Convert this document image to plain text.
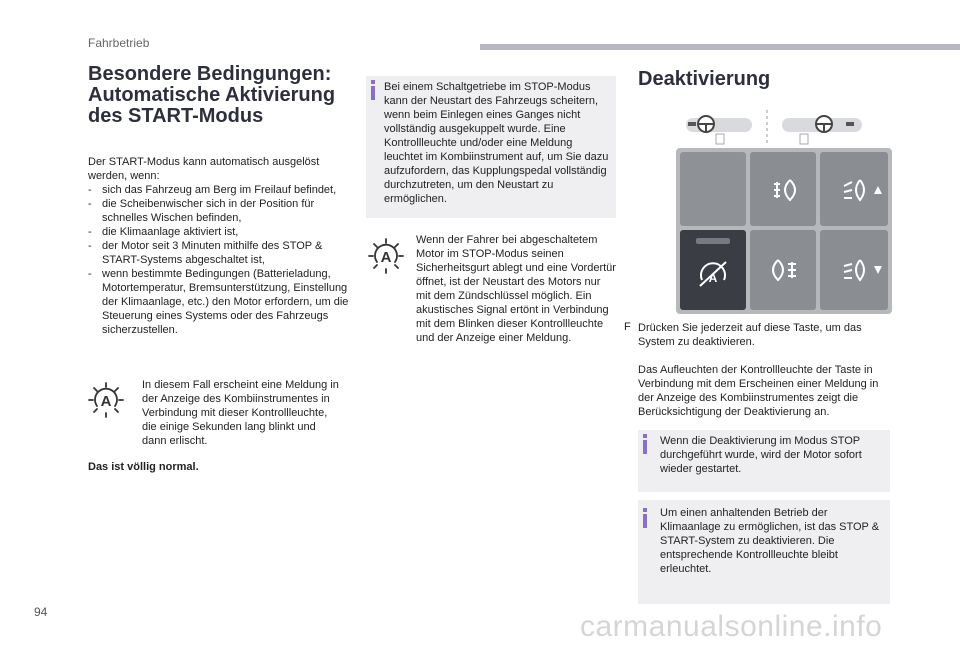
Fahrbetrieb
Besondere Bedingungen:
Automatische Aktivierung
des START-Modus
Der START-Modus kann automatisch ausgelöst werden, wenn:
- sich das Fahrzeug am Berg im Freilauf befindet,
- die Scheibenwischer sich in der Position für schnelles Wischen befinden,
- die Klimaanlage aktiviert ist,
- der Motor seit 3 Minuten mithilfe des STOP & START-Systems abgeschaltet ist,
- wenn bestimmte Bedingungen (Batterieladung, Motortemperatur, Bremsunterstützung, Einstellung der Klimaanlage, etc.) den Motor erfordern, um die Steuerung eines Systems oder des Fahrzeugs sicherzustellen.
A
In diesem Fall erscheint eine Meldung in der Anzeige des Kombiinstrumentes in Verbindung mit dieser Kontrollleuchte, die einige Sekunden lang blinkt und dann erlischt.
Das ist völlig normal.
Bei einem Schaltgetriebe im STOP-Modus kann der Neustart des Fahrzeugs scheitern, wenn beim Einlegen eines Ganges nicht vollständig ausgekuppelt wurde. Eine Kontrollleuchte und/oder eine Meldung leuchtet im Kombiinstrument auf, um Sie dazu aufzufordern, das Kupplungspedal vollständig durchzutreten, um den Neustart zu ermöglichen.
A
Wenn der Fahrer bei abgeschaltetem Motor im STOP-Modus seinen Sicherheitsgurt ablegt und eine Vordertür öffnet, ist der Neustart des Motors nur mit dem Zündschlüssel möglich. Ein akustisches Signal ertönt in Verbindung mit dem Blinken dieser Kontrollleuchte und der Anzeige einer Meldung.
Deaktivierung
A
F Drücken Sie jederzeit auf diese Taste, um das System zu deaktivieren.
Das Aufleuchten der Kontrollleuchte der Taste in Verbindung mit dem Erscheinen einer Meldung in der Anzeige des Kombiinstrumentes zeigt die Berücksichtigung der Deaktivierung an.
Wenn die Deaktivierung im Modus STOP durchgeführt wurde, wird der Motor sofort wieder gestartet.
Um einen anhaltenden Betrieb der Klimaanlage zu ermöglichen, ist das STOP & START-System zu deaktivieren. Die entsprechende Kontrollleuchte bleibt erleuchtet.
94	carmanualsonline.info
